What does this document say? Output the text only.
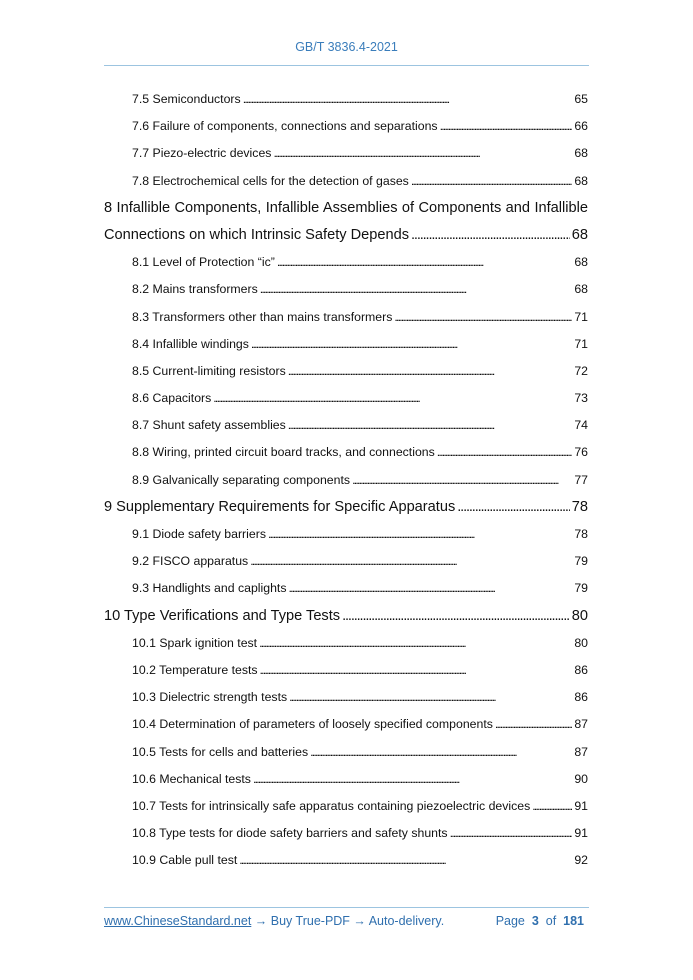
GB/T 3836.4-2021
7.5 Semiconductors . . .	65
7.6 Failure of components, connections and separations . . .	66
7.7 Piezo-electric devices . . .	68
7.8 Electrochemical cells for the detection of gases . . .	68
8 Infallible Components, Infallible Assemblies of Components and Infallible
Connections on which Intrinsic Safety Depends . . .	68
8.1 Level of Protection “ic” . . .	68
8.2 Mains transformers . . .	68
8.3 Transformers other than mains transformers . . .	71
8.4 Infallible windings . . .	71
8.5 Current-limiting resistors . . .	72
8.6 Capacitors . . .	73
8.7 Shunt safety assemblies . . .	74
8.8 Wiring, printed circuit board tracks, and connections . . .	76
8.9 Galvanically separating components . . .	77
9 Supplementary Requirements for Specific Apparatus . . .	78
9.1 Diode safety barriers . . .	78
9.2 FISCO apparatus . . .	79
9.3 Handlights and caplights . . .	79
10 Type Verifications and Type Tests . . .	80
10.1 Spark ignition test . . .	80
10.2 Temperature tests . . .	86
10.3 Dielectric strength tests . . .	86
10.4 Determination of parameters of loosely specified components . . .	87
10.5 Tests for cells and batteries . . .	87
10.6 Mechanical tests . . .	90
10.7 Tests for intrinsically safe apparatus containing piezoelectric devices . . .	91
10.8 Type tests for diode safety barriers and safety shunts . . .	91
10.9 Cable pull test . . .	92
www.ChineseStandard.net → Buy True-PDF → Auto-delivery.	Page 3 of 181
